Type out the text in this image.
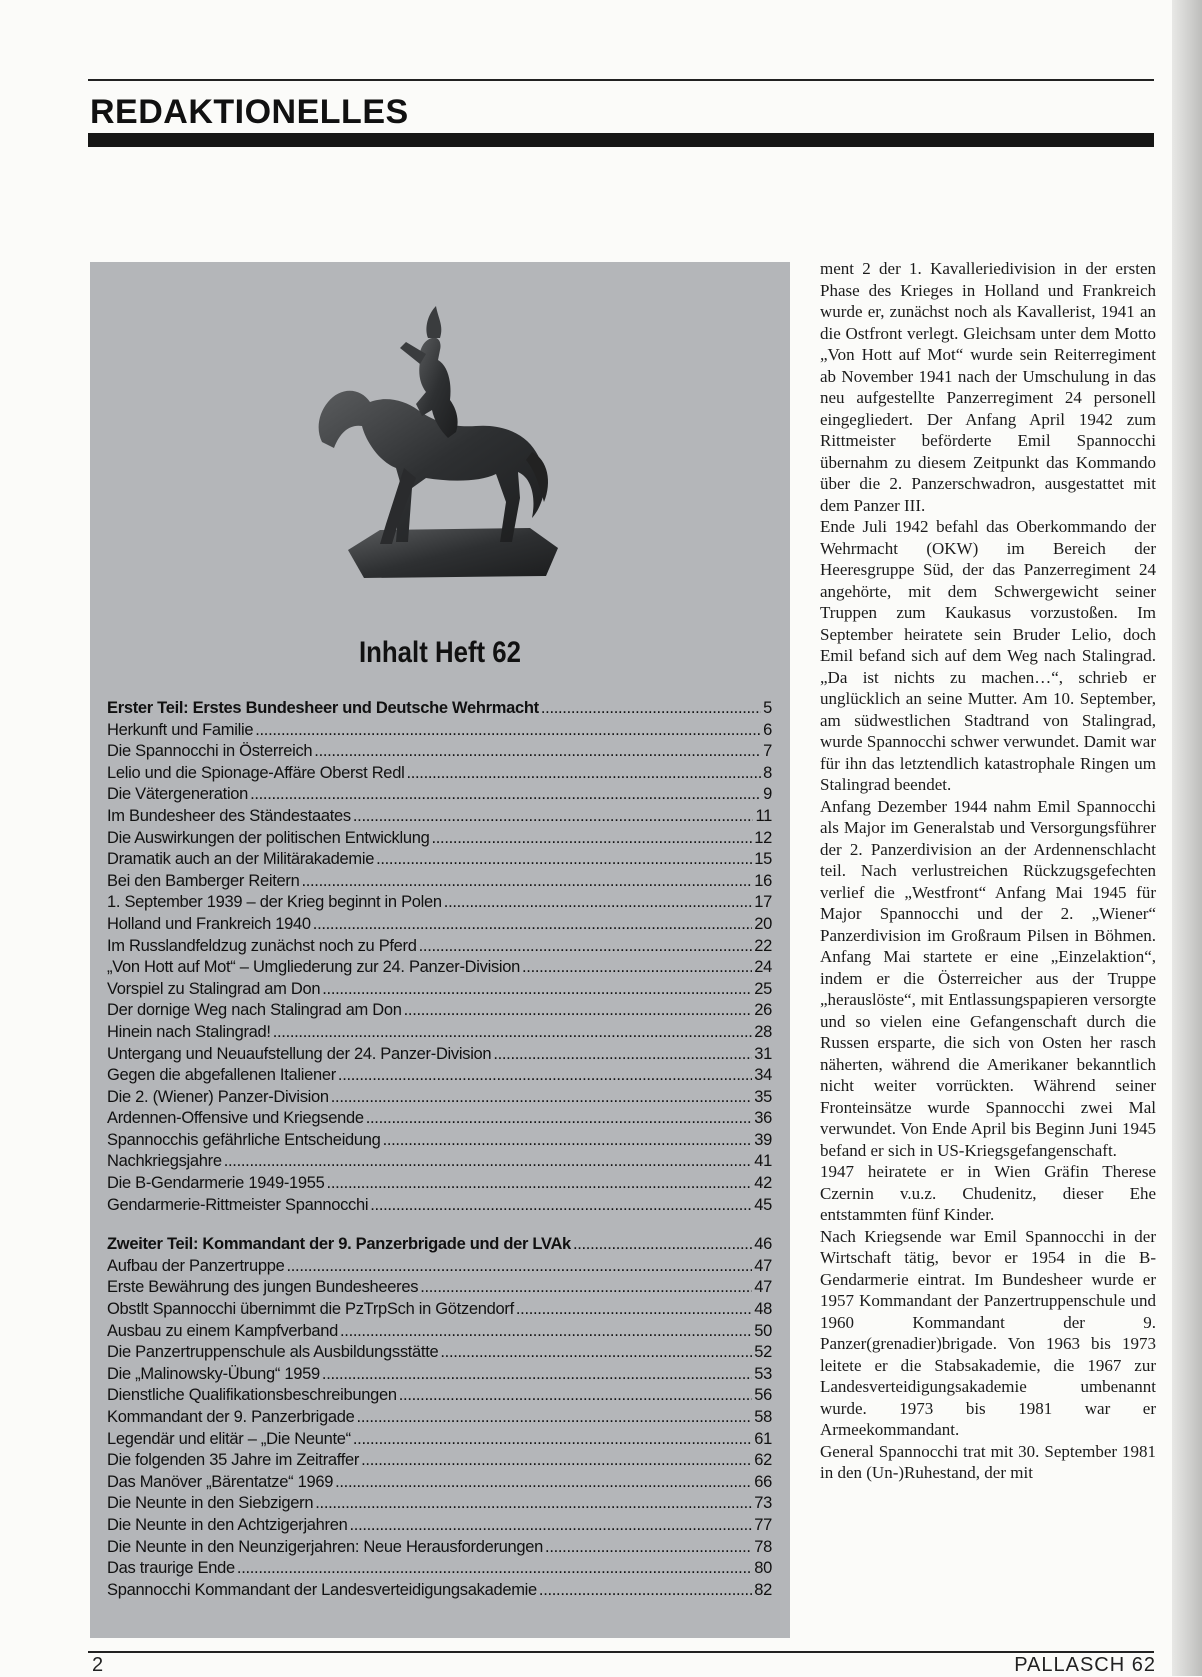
REDAKTIONELLES
Inhalt Heft 62
Erster Teil: Erstes Bundesheer und Deutsche Wehrmacht .....	5
Herkunft und Familie .....	6
Die Spannocchi in Österreich .....	7
Lelio und die Spionage-Affäre Oberst Redl .....	8
Die Vätergeneration .....	9
Im Bundesheer des Ständestaates .....	11
Die Auswirkungen der politischen Entwicklung .....	12
Dramatik auch an der Militärakademie .....	15
Bei den Bamberger Reitern .....	16
1. September 1939 – der Krieg beginnt in Polen .....	17
Holland und Frankreich 1940 .....	20
Im Russlandfeldzug zunächst noch zu Pferd .....	22
„Von Hott auf Mot“ – Umgliederung zur 24. Panzer-Division .....	24
Vorspiel zu Stalingrad am Don .....	25
Der dornige Weg nach Stalingrad am Don .....	26
Hinein nach Stalingrad! .....	28
Untergang und Neuaufstellung der 24. Panzer-Division .....	31
Gegen die abgefallenen Italiener .....	34
Die 2. (Wiener) Panzer-Division .....	35
Ardennen-Offensive und Kriegsende .....	36
Spannocchis gefährliche Entscheidung .....	39
Nachkriegsjahre .....	41
Die B-Gendarmerie 1949-1955 .....	42
Gendarmerie-Rittmeister Spannocchi .....	45
Zweiter Teil: Kommandant der 9. Panzerbrigade und der LVAk .....	46
Aufbau der Panzertruppe .....	47
Erste Bewährung des jungen Bundesheeres .....	47
Obstlt Spannocchi übernimmt die PzTrpSch in Götzendorf .....	48
Ausbau zu einem Kampfverband .....	50
Die Panzertruppenschule als Ausbildungsstätte .....	52
Die „Malinowsky-Übung“ 1959 .....	53
Dienstliche Qualifikationsbeschreibungen .....	56
Kommandant der 9. Panzerbrigade .....	58
Legendär und elitär – „Die Neunte“ .....	61
Die folgenden 35 Jahre im Zeitraffer .....	62
Das Manöver „Bärentatze“ 1969 .....	66
Die Neunte in den Siebzigern .....	73
Die Neunte in den Achtzigerjahren .....	77
Die Neunte in den Neunzigerjahren: Neue Herausforderungen .....	78
Das traurige Ende .....	80
Spannocchi Kommandant der Landesverteidigungsakademie .....	82

ment 2 der 1. Kavalleriedivision in der ersten Phase des Krieges in Holland und Frankreich wurde er, zunächst noch als Kavallerist, 1941 an die Ostfront verlegt. Gleichsam unter dem Motto „Von Hott auf Mot“ wurde sein Reiterregiment ab November 1941 nach der Umschulung in das neu aufgestellte Panzerregiment 24 personell eingegliedert. Der Anfang April 1942 zum Rittmeister beförderte Emil Spannocchi übernahm zu diesem Zeitpunkt das Kommando über die 2. Panzerschwadron, ausgestattet mit dem Panzer III.

Ende Juli 1942 befahl das Oberkommando der Wehrmacht (OKW) im Bereich der Heeresgruppe Süd, der das Panzerregiment 24 angehörte, mit dem Schwergewicht seiner Truppen zum Kaukasus vorzustoßen. Im September heiratete sein Bruder Lelio, doch Emil befand sich auf dem Weg nach Stalingrad. „Da ist nichts zu machen…“, schrieb er unglücklich an seine Mutter. Am 10. September, am südwestlichen Stadtrand von Stalingrad, wurde Spannocchi schwer verwundet. Damit war für ihn das letztendlich katastrophale Ringen um Stalingrad beendet.

Anfang Dezember 1944 nahm Emil Spannocchi als Major im Generalstab und Versorgungsführer der 2. Panzerdivision an der Ardennenschlacht teil. Nach verlustreichen Rückzugsgefechten verlief die „Westfront“ Anfang Mai 1945 für Major Spannocchi und der 2. „Wiener“ Panzerdivision im Großraum Pilsen in Böhmen. Anfang Mai startete er eine „Einzelaktion“, indem er die Österreicher aus der Truppe „herauslöste“, mit Entlassungspapieren versorgte und so vielen eine Gefangenschaft durch die Russen ersparte, die sich von Osten her rasch näherten, während die Amerikaner bekanntlich nicht weiter vorrückten. Während seiner Fronteinsätze wurde Spannocchi zwei Mal verwundet. Von Ende April bis Beginn Juni 1945 befand er sich in US-Kriegsgefangenschaft.

1947 heiratete er in Wien Gräfin Therese Czernin v.u.z. Chudenitz, dieser Ehe entstammten fünf Kinder.

Nach Kriegsende war Emil Spannocchi in der Wirtschaft tätig, bevor er 1954 in die B-Gendarmerie eintrat. Im Bundesheer wurde er 1957 Kommandant der Panzertruppenschule und 1960 Kommandant der 9. Panzer(grenadier)brigade. Von 1963 bis 1973 leitete er die Stabsakademie, die 1967 zur Landesverteidigungsakademie umbenannt wurde. 1973 bis 1981 war er Armeekommandant.

General Spannocchi trat mit 30. September 1981 in den (Un-)Ruhestand, der mit

2	PALLASCH 62
